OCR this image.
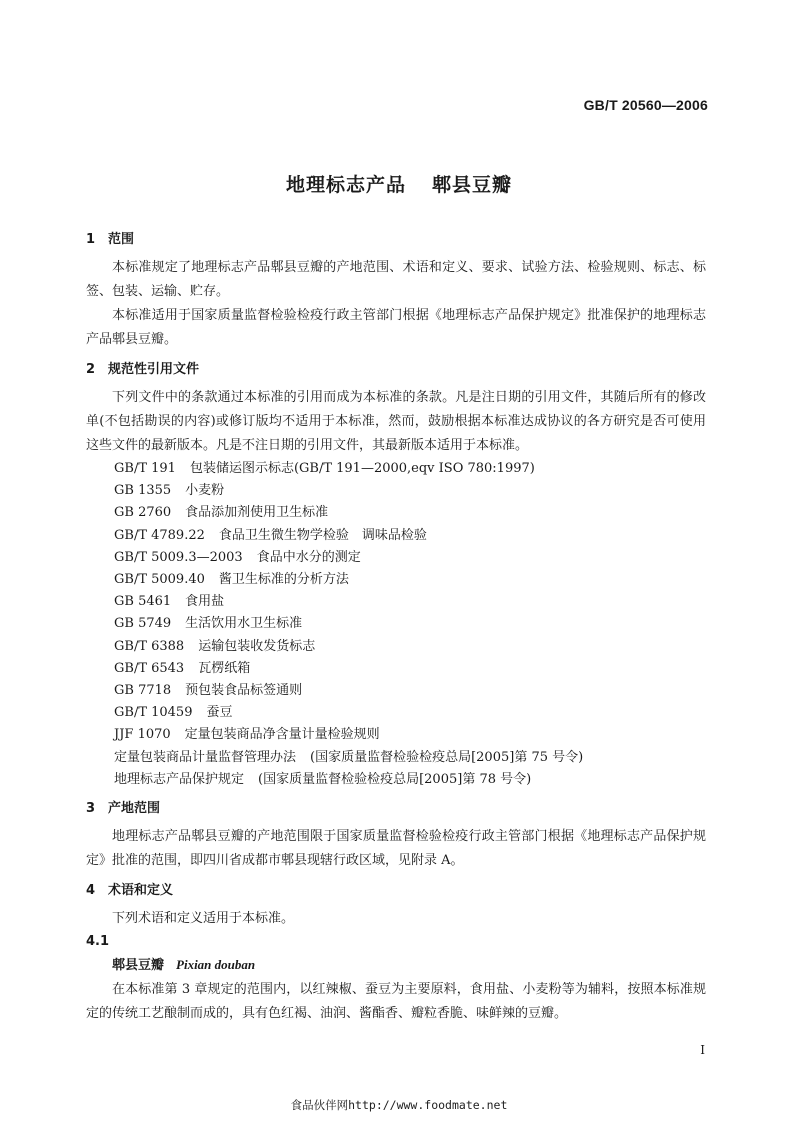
GB/T 20560—2006
地理标志产品 郫县豆瓣
1 范围

本标准规定了地理标志产品郫县豆瓣的产地范围、术语和定义、要求、试验方法、检验规则、标志、标签、包装、运输、贮存。

本标准适用于国家质量监督检验检疫行政主管部门根据《地理标志产品保护规定》批准保护的地理标志产品郫县豆瓣。

2 规范性引用文件

下列文件中的条款通过本标准的引用而成为本标准的条款。凡是注日期的引用文件，其随后所有的修改单(不包括勘误的内容)或修订版均不适用于本标准，然而，鼓励根据本标准达成协议的各方研究是否可使用这些文件的最新版本。凡是不注日期的引用文件，其最新版本适用于本标准。

GB/T 191 包装储运图示标志(GB/T 191—2000,eqv ISO 780:1997)
GB 1355 小麦粉
GB 2760 食品添加剂使用卫生标准
GB/T 4789.22 食品卫生微生物学检验　调味品检验
GB/T 5009.3—2003 食品中水分的测定
GB/T 5009.40 酱卫生标准的分析方法
GB 5461 食用盐
GB 5749 生活饮用水卫生标准
GB/T 6388 运输包装收发货标志
GB/T 6543 瓦楞纸箱
GB 7718 预包装食品标签通则
GB/T 10459 蚕豆
JJF 1070 定量包装商品净含量计量检验规则
定量包装商品计量监督管理办法 (国家质量监督检验检疫总局[2005]第 75 号令)
地理标志产品保护规定 (国家质量监督检验检疫总局[2005]第 78 号令)
3 产地范围

地理标志产品郫县豆瓣的产地范围限于国家质量监督检验检疫行政主管部门根据《地理标志产品保护规定》批准的范围，即四川省成都市郫县现辖行政区域，见附录 A。

4 术语和定义

下列术语和定义适用于本标准。

4.1

郫县豆瓣 Pixian douban

在本标准第 3 章规定的范围内，以红辣椒、蚕豆为主要原料，食用盐、小麦粉等为辅料，按照本标准规定的传统工艺酿制而成的，具有色红褐、油润、酱酯香、瓣粒香脆、味鲜辣的豆瓣。

I
食品伙伴网http://www.foodmate.net
